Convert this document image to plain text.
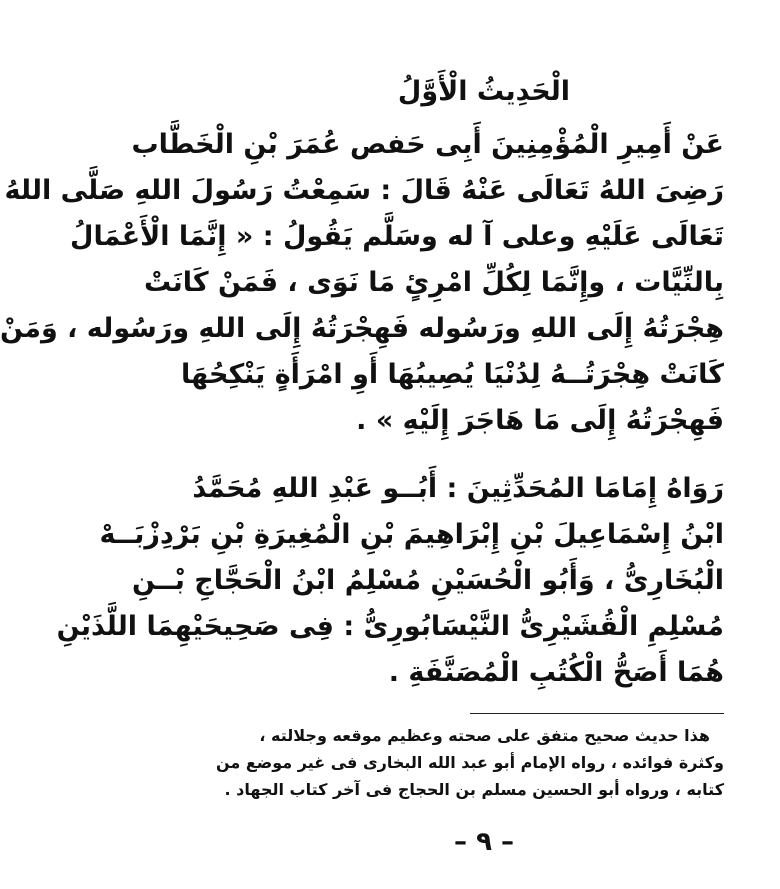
الْحَدِيثُ الْأَوَّلُ
عَنْ أَمِيرِ الْمُؤْمِنِينَ أَبِى حَفص عُمَرَ بْنِ الْخَطَّاب
رَضِىَ اللهُ تَعَالَى عَنْهُ قَالَ : سَمِعْتُ رَسُولَ اللهِ صَلَّى اللهُ
تَعَالَى عَلَيْهِ وعلى آ له وسَلَّم يَقُولُ : « إِنَّمَا الْأَعْمَالُ
بِالنِّيَّات ، وإِنَّمَا لِكُلِّ امْرِئٍ مَا نَوَى ، فَمَنْ كَانَتْ
هِجْرَتُهُ إِلَى اللهِ ورَسُوله فَهِجْرَتُهُ إِلَى اللهِ ورَسُوله ، وَمَنْ
كَانَتْ هِجْرَتُــهُ لِدُنْيَا يُصِيبُهَا أَوِ امْرَأَةٍ يَنْكِحُهَا
فَهِجْرَتُهُ إِلَى مَا هَاجَرَ إِلَيْهِ » .
رَوَاهُ إِمَامَا المُحَدِّثِينَ : أَبُــو عَبْدِ اللهِ مُحَمَّدُ
ابْنُ إِسْمَاعِيلَ بْنِ إِبْرَاهِيمَ بْنِ الْمُغِيرَةِ بْنِ بَرْدِزْبَــهْ
الْبُخَارِىُّ ، وَأَبُو الْحُسَيْنِ مُسْلِمُ ابْنُ الْحَجَّاجِ بْــنِ
مُسْلِمِ الْقُشَيْرِىُّ النَّيْسَابُورِىُّ : فِى صَحِيحَيْهِمَا اللَّذَيْنِ
هُمَا أَصَحُّ الْكُتُبِ الْمُصَنَّفَةِ .
هذا حديث صحيح متفق على صحته وعظيم موقعه وجلالته ،
وكثرة فوائده ، رواه الإمام أبو عبد الله البخارى فى غير موضع من
كتابه ، ورواه أبو الحسين مسلم بن الحجاج فى آخر كتاب الجهاد .
– ٩ –
